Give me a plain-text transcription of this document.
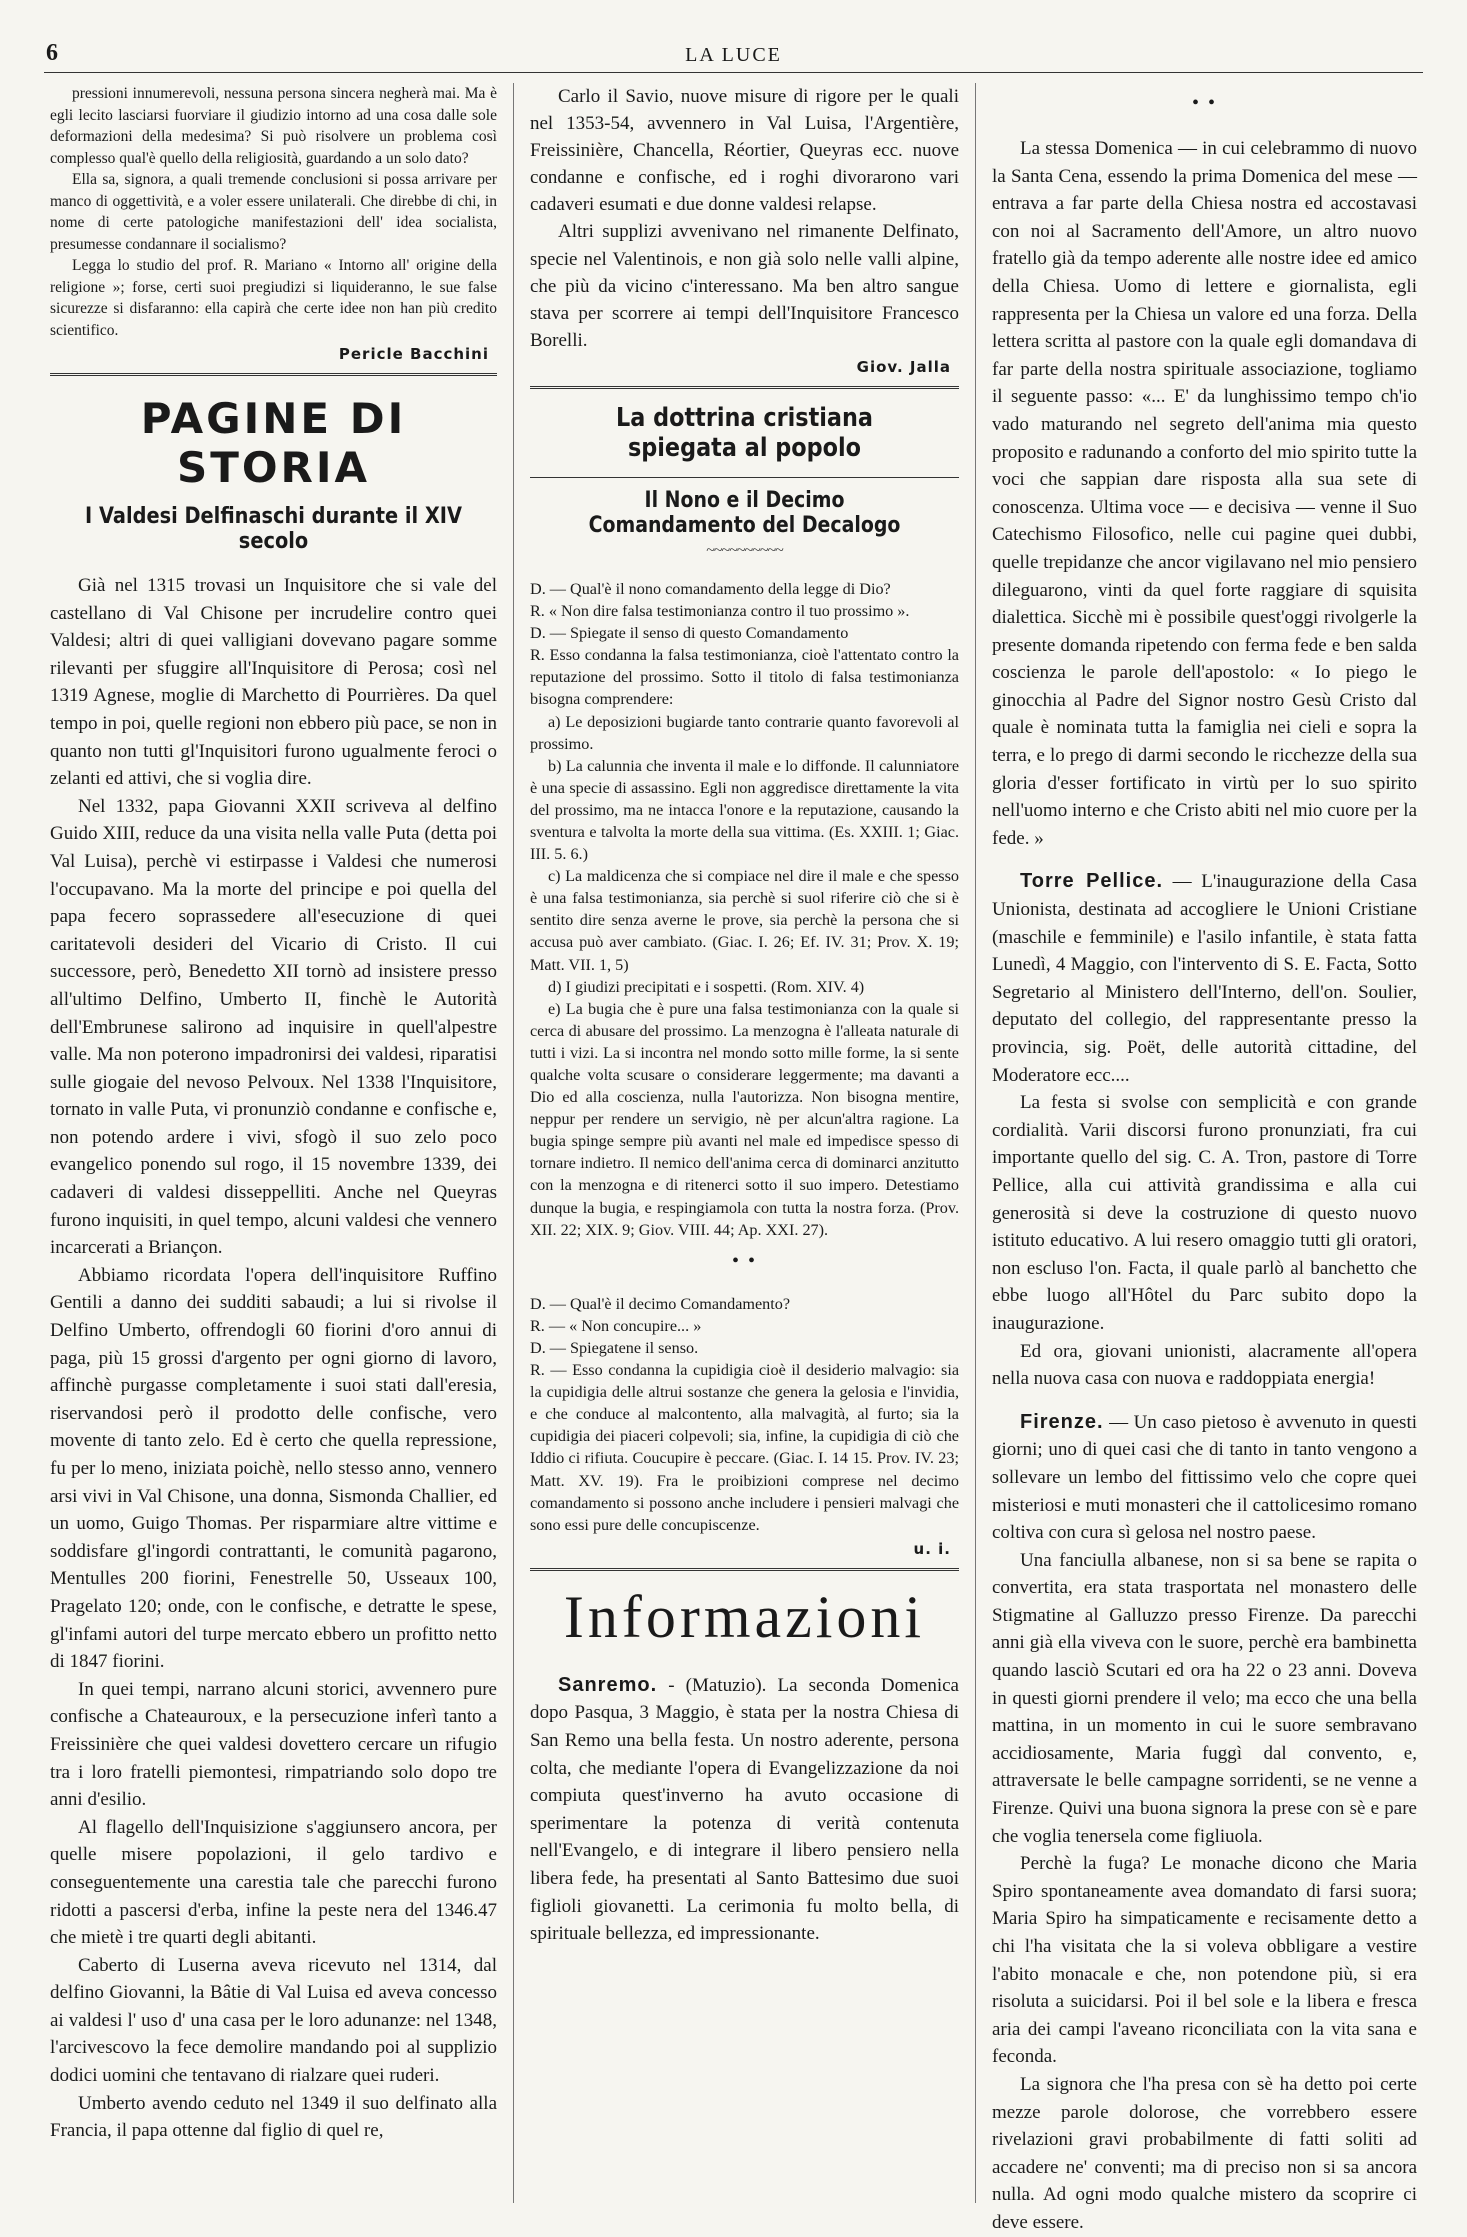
6	LA LUCE

pressioni innumerevoli, nessuna persona sincera negherà mai. Ma è egli lecito lasciarsi fuorviare il giudizio intorno ad una cosa dalle sole deformazioni della medesima? Si può risolvere un problema così complesso qual'è quello della religiosità, guardando a un solo dato?

Ella sa, signora, a quali tremende conclusioni si possa arrivare per manco di oggettività, e a voler essere unilaterali. Che direbbe di chi, in nome di certe patologiche manifestazioni dell' idea socialista, presumesse condannare il socialismo?

Legga lo studio del prof. R. Mariano « Intorno all' origine della religione »; forse, certi suoi pregiudizi si liquideranno, le sue false sicurezze si disfaranno: ella capirà che certe idee non han più credito scientifico.

Pericle Bacchini
PAGINE DI STORIA
I Valdesi Delfinaschi durante il XIV secolo

Già nel 1315 trovasi un Inquisitore che si vale del castellano di Val Chisone per incrudelire contro quei Valdesi; altri di quei valligiani dovevano pagare somme rilevanti per sfuggire all'Inquisitore di Perosa; così nel 1319 Agnese, moglie di Marchetto di Pourrières. Da quel tempo in poi, quelle regioni non ebbero più pace, se non in quanto non tutti gl'Inquisitori furono ugualmente feroci o zelanti ed attivi, che si voglia dire.

Nel 1332, papa Giovanni XXII scriveva al delfino Guido XIII, reduce da una visita nella valle Puta (detta poi Val Luisa), perchè vi estirpasse i Valdesi che numerosi l'occupavano. Ma la morte del principe e poi quella del papa fecero soprassedere all'esecuzione di quei caritatevoli desideri del Vicario di Cristo. Il cui successore, però, Benedetto XII tornò ad insistere presso all'ultimo Delfino, Umberto II, finchè le Autorità dell'Embrunese salirono ad inquisire in quell'alpestre valle. Ma non poterono impadronirsi dei valdesi, riparatisi sulle giogaie del nevoso Pelvoux. Nel 1338 l'Inquisitore, tornato in valle Puta, vi pronunziò condanne e confische e, non potendo ardere i vivi, sfogò il suo zelo poco evangelico ponendo sul rogo, il 15 novembre 1339, dei cadaveri di valdesi disseppelliti. Anche nel Queyras furono inquisiti, in quel tempo, alcuni valdesi che vennero incarcerati a Briançon.

Abbiamo ricordata l'opera dell'inquisitore Ruffino Gentili a danno dei sudditi sabaudi; a lui si rivolse il Delfino Umberto, offrendogli 60 fiorini d'oro annui di paga, più 15 grossi d'argento per ogni giorno di lavoro, affinchè purgasse completamente i suoi stati dall'eresia, riservandosi però il prodotto delle confische, vero movente di tanto zelo. Ed è certo che quella repressione, fu per lo meno, iniziata poichè, nello stesso anno, vennero arsi vivi in Val Chisone, una donna, Sismonda Challier, ed un uomo, Guigo Thomas. Per risparmiare altre vittime e soddisfare gl'ingordi contrattanti, le comunità pagarono, Mentulles 200 fiorini, Fenestrelle 50, Usseaux 100, Pragelato 120; onde, con le confische, e detratte le spese, gl'infami autori del turpe mercato ebbero un profitto netto di 1847 fiorini.

In quei tempi, narrano alcuni storici, avvennero pure confische a Chateauroux, e la persecuzione inferì tanto a Freissinière che quei valdesi dovettero cercare un rifugio tra i loro fratelli piemontesi, rimpatriando solo dopo tre anni d'esilio.

Al flagello dell'Inquisizione s'aggiunsero ancora, per quelle misere popolazioni, il gelo tardivo e conseguentemente una carestia tale che parecchi furono ridotti a pascersi d'erba, infine la peste nera del 1346.47 che mietè i tre quarti degli abitanti.

Caberto di Luserna aveva ricevuto nel 1314, dal delfino Giovanni, la Bâtie di Val Luisa ed aveva concesso ai valdesi l' uso d' una casa per le loro adunanze: nel 1348, l'arcivescovo la fece demolire mandando poi al supplizio dodici uomini che tentavano di rialzare quei ruderi.

Umberto avendo ceduto nel 1349 il suo delfinato alla Francia, il papa ottenne dal figlio di quel re,

Carlo il Savio, nuove misure di rigore per le quali nel 1353-54, avvennero in Val Luisa, l'Argentière, Freissinière, Chancella, Réortier, Queyras ecc. nuove condanne e confische, ed i roghi divorarono vari cadaveri esumati e due donne valdesi relapse.

Altri supplizi avvenivano nel rimanente Delfinato, specie nel Valentinois, e non già solo nelle valli alpine, che più da vicino c'interessano. Ma ben altro sangue stava per scorrere ai tempi dell'Inquisitore Francesco Borelli.

Giov. Jalla
La dottrina cristiana spiegata al popolo
Il Nono e il Decimo Comandamento del Decalogo
~~~~~~~~~~

D. — Qual'è il nono comandamento della legge di Dio?

R. « Non dire falsa testimonianza contro il tuo prossimo ».

D. — Spiegate il senso di questo Comandamento

R. Esso condanna la falsa testimonianza, cioè l'attentato contro la reputazione del prossimo. Sotto il titolo di falsa testimonianza bisogna comprendere:

a) Le deposizioni bugiarde tanto contrarie quanto favorevoli al prossimo.

b) La calunnia che inventa il male e lo diffonde. Il calunniatore è una specie di assassino. Egli non aggredisce direttamente la vita del prossimo, ma ne intacca l'onore e la reputazione, causando la sventura e talvolta la morte della sua vittima. (Es. XXIII. 1; Giac. III. 5. 6.)

c) La maldicenza che si compiace nel dire il male e che spesso è una falsa testimonianza, sia perchè si suol riferire ciò che si è sentito dire senza averne le prove, sia perchè la persona che si accusa può aver cambiato. (Giac. I. 26; Ef. IV. 31; Prov. X. 19; Matt. VII. 1, 5)

d) I giudizi precipitati e i sospetti. (Rom. XIV. 4)

e) La bugia che è pure una falsa testimonianza con la quale si cerca di abusare del prossimo. La menzogna è l'alleata naturale di tutti i vizi. La si incontra nel mondo sotto mille forme, la si sente qualche volta scusare o considerare leggermente; ma davanti a Dio ed alla coscienza, nulla l'autorizza. Non bisogna mentire, neppur per rendere un servigio, nè per alcun'altra ragione. La bugia spinge sempre più avanti nel male ed impedisce spesso di tornare indietro. Il nemico dell'anima cerca di dominarci anzitutto con la menzogna e di ritenerci sotto il suo impero. Detestiamo dunque la bugia, e respingiamola con tutta la nostra forza. (Prov. XII. 22; XIX. 9; Giov. VIII. 44; Ap. XXI. 27).

• •

D. — Qual'è il decimo Comandamento?

R. — « Non concupire... »

D. — Spiegatene il senso.

R. — Esso condanna la cupidigia cioè il desiderio malvagio: sia la cupidigia delle altrui sostanze che genera la gelosia e l'invidia, e che conduce al malcontento, alla malvagità, al furto; sia la cupidigia dei piaceri colpevoli; sia, infine, la cupidigia di ciò che Iddio ci rifiuta. Coucupire è peccare. (Giac. I. 14 15. Prov. IV. 23; Matt. XV. 19). Fra le proibizioni comprese nel decimo comandamento si possono anche includere i pensieri malvagi che sono essi pure delle concupiscenze.

u. i.
Informazioni

Sanremo. - (Matuzio). La seconda Domenica dopo Pasqua, 3 Maggio, è stata per la nostra Chiesa di San Remo una bella festa. Un nostro aderente, persona colta, che mediante l'opera di Evangelizzazione da noi compiuta quest'inverno ha avuto occasione di sperimentare la potenza di verità contenuta nell'Evangelo, e di integrare il libero pensiero nella libera fede, ha presentati al Santo Battesimo due suoi figlioli giovanetti. La cerimonia fu molto bella, di spirituale bellezza, ed impressionante.

• •

La stessa Domenica — in cui celebrammo di nuovo la Santa Cena, essendo la prima Domenica del mese — entrava a far parte della Chiesa nostra ed accostavasi con noi al Sacramento dell'Amore, un altro nuovo fratello già da tempo aderente alle nostre idee ed amico della Chiesa. Uomo di lettere e giornalista, egli rappresenta per la Chiesa un valore ed una forza. Della lettera scritta al pastore con la quale egli domandava di far parte della nostra spirituale associazione, togliamo il seguente passo: «... E' da lunghissimo tempo ch'io vado maturando nel segreto dell'anima mia questo proposito e radunando a conforto del mio spirito tutte la voci che sappian dare risposta alla sua sete di conoscenza. Ultima voce — e decisiva — venne il Suo Catechismo Filosofico, nelle cui pagine quei dubbi, quelle trepidanze che ancor vigilavano nel mio pensiero dileguarono, vinti da quel forte raggiare di squisita dialettica. Sicchè mi è possibile quest'oggi rivolgerle la presente domanda ripetendo con ferma fede e ben salda coscienza le parole dell'apostolo: « Io piego le ginocchia al Padre del Signor nostro Gesù Cristo dal quale è nominata tutta la famiglia nei cieli e sopra la terra, e lo prego di darmi secondo le ricchezze della sua gloria d'esser fortificato in virtù per lo suo spirito nell'uomo interno e che Cristo abiti nel mio cuore per la fede. »

Torre Pellice. — L'inaugurazione della Casa Unionista, destinata ad accogliere le Unioni Cristiane (maschile e femminile) e l'asilo infantile, è stata fatta Lunedì, 4 Maggio, con l'intervento di S. E. Facta, Sotto Segretario al Ministero dell'Interno, dell'on. Soulier, deputato del collegio, del rappresentante presso la provincia, sig. Poët, delle autorità cittadine, del Moderatore ecc....

La festa si svolse con semplicità e con grande cordialità. Varii discorsi furono pronunziati, fra cui importante quello del sig. C. A. Tron, pastore di Torre Pellice, alla cui attività grandissima e alla cui generosità si deve la costruzione di questo nuovo istituto educativo. A lui resero omaggio tutti gli oratori, non escluso l'on. Facta, il quale parlò al banchetto che ebbe luogo all'Hôtel du Parc subito dopo la inaugurazione.

Ed ora, giovani unionisti, alacramente all'opera nella nuova casa con nuova e raddoppiata energia!

Firenze. — Un caso pietoso è avvenuto in questi giorni; uno di quei casi che di tanto in tanto vengono a sollevare un lembo del fittissimo velo che copre quei misteriosi e muti monasteri che il cattolicesimo romano coltiva con cura sì gelosa nel nostro paese.

Una fanciulla albanese, non si sa bene se rapita o convertita, era stata trasportata nel monastero delle Stigmatine al Galluzzo presso Firenze. Da parecchi anni già ella viveva con le suore, perchè era bambinetta quando lasciò Scutari ed ora ha 22 o 23 anni. Doveva in questi giorni prendere il velo; ma ecco che una bella mattina, in un momento in cui le suore sembravano accidiosamente, Maria fuggì dal convento, e, attraversate le belle campagne sorridenti, se ne venne a Firenze. Quivi una buona signora la prese con sè e pare che voglia tenersela come figliuola.

Perchè la fuga? Le monache dicono che Maria Spiro spontaneamente avea domandato di farsi suora; Maria Spiro ha simpaticamente e recisamente detto a chi l'ha visitata che la si voleva obbligare a vestire l'abito monacale e che, non potendone più, si era risoluta a suicidarsi. Poi il bel sole e la libera e fresca aria dei campi l'aveano riconciliata con la vita sana e feconda.

La signora che l'ha presa con sè ha detto poi certe mezze parole dolorose, che vorrebbero essere rivelazioni gravi probabilmente di fatti soliti ad accadere ne' conventi; ma di preciso non si sa ancora nulla. Ad ogni modo qualche mistero da scoprire ci deve essere.
